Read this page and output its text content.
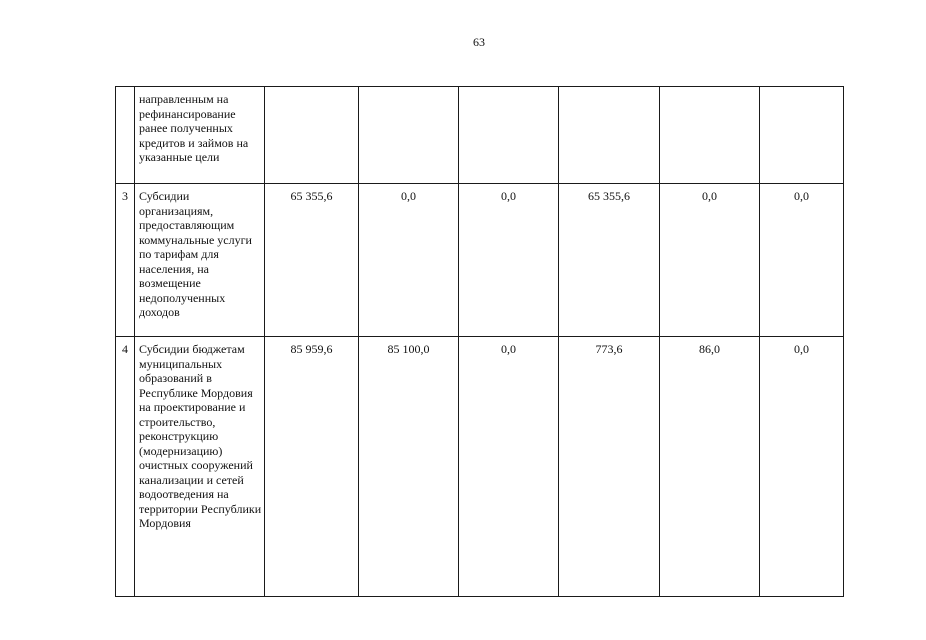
63

	направленным на рефинансирование ранее полученных кредитов и займов на указанные цели						

3	Субсидии организациям, предоставляющим коммунальные услуги по тарифам для населения, на возмещение недополученных доходов	65 355,6	0,0	0,0	65 355,6	0,0	0,0
4	Субсидии бюджетам муниципальных образований в Республике Мордовия на проектирование и строительство, реконструкцию (модернизацию) очистных сооружений канализации и сетей водоотведения на территории Республики Мордовия	85 959,6	85 100,0	0,0	773,6	86,0	0,0
